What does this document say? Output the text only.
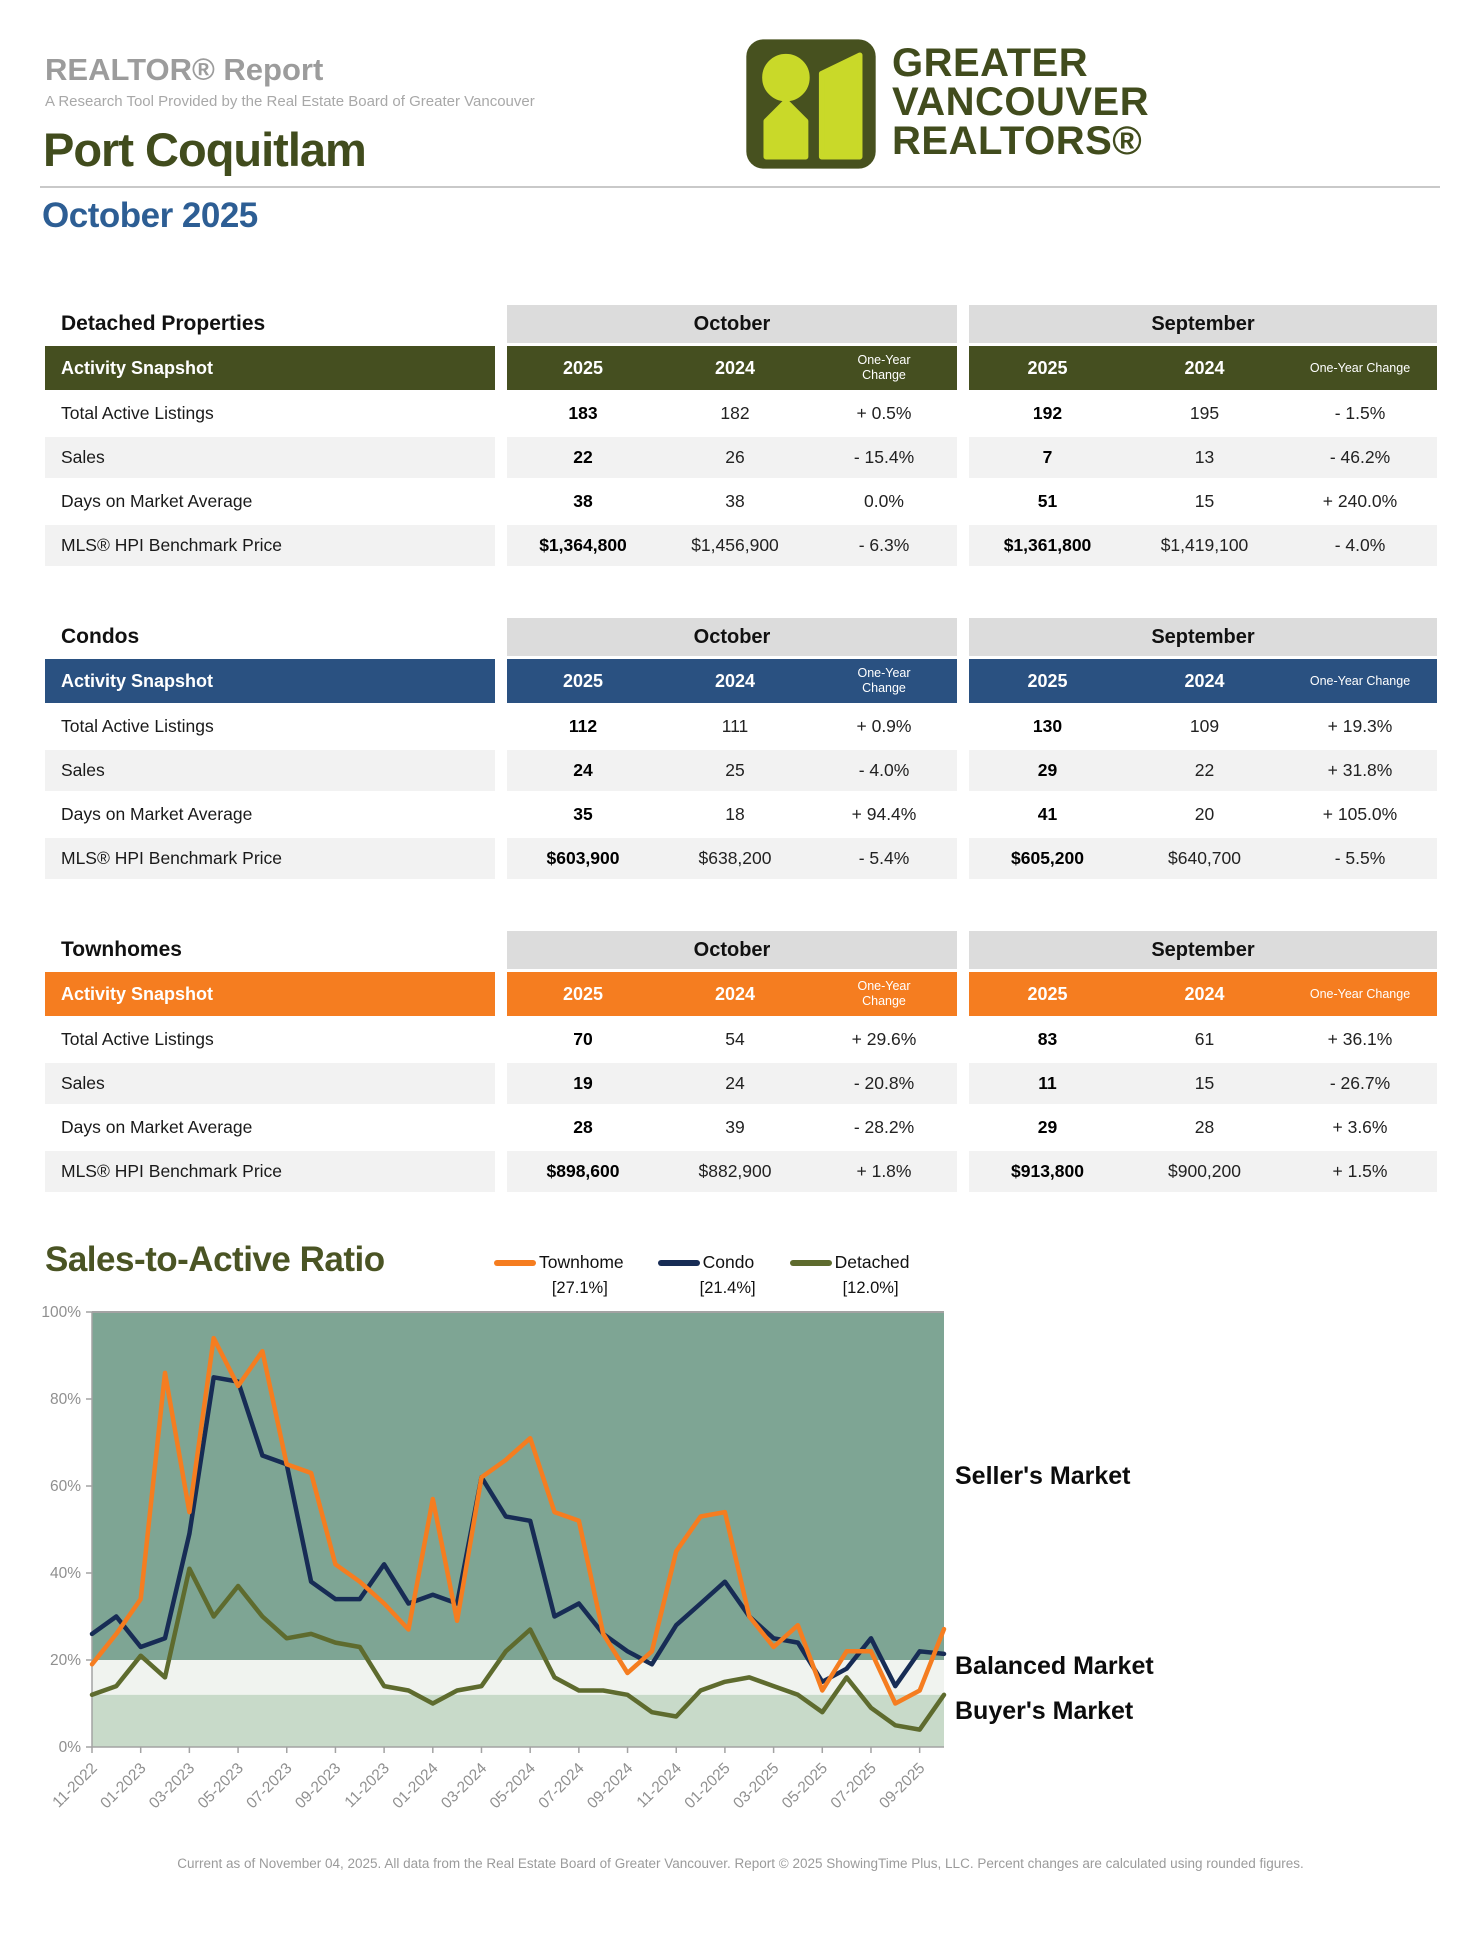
REALTOR® Report

A Research Tool Provided by the Real Estate Board of Greater Vancouver

Port Coquitlam
GREATER
VANCOUVER
REALTORS®
October 2025
Detached Properties	October	September
Activity Snapshot	2025	2024	One-Year Change	2025	2024	One-Year Change
Total Active Listings	183	182	+ 0.5%	192	195	- 1.5%
Sales	22	26	- 15.4%	7	13	- 46.2%
Days on Market Average	38	38	0.0%	51	15	+ 240.0%
MLS® HPI Benchmark Price	$1,364,800	$1,456,900	- 6.3%	$1,361,800	$1,419,100	- 4.0%
Condos	October	September
Activity Snapshot	2025	2024	One-Year Change	2025	2024	One-Year Change
Total Active Listings	112	111	+ 0.9%	130	109	+ 19.3%
Sales	24	25	- 4.0%	29	22	+ 31.8%
Days on Market Average	35	18	+ 94.4%	41	20	+ 105.0%
MLS® HPI Benchmark Price	$603,900	$638,200	- 5.4%	$605,200	$640,700	- 5.5%
Townhomes	October	September
Activity Snapshot	2025	2024	One-Year Change	2025	2024	One-Year Change
Total Active Listings	70	54	+ 29.6%	83	61	+ 36.1%
Sales	19	24	- 20.8%	11	15	- 26.7%
Days on Market Average	28	39	- 28.2%	29	28	+ 3.6%
MLS® HPI Benchmark Price	$898,600	$882,900	+ 1.8%	$913,800	$900,200	+ 1.5%
Sales-to-Active Ratio	Townhome
[27.1%]
Condo
[21.4%]
Detached
[12.0%]
0%
20%
40%
60%
80%
100%
11-2022
01-2023
03-2023
05-2023
07-2023
09-2023
11-2023
01-2024
03-2024
05-2024
07-2024
09-2024
11-2024
01-2025
03-2025
05-2025
07-2025
09-2025
Seller's Market
Balanced Market
Buyer's Market
Current as of November 04, 2025. All data from the Real Estate Board of Greater Vancouver. Report © 2025 ShowingTime Plus, LLC. Percent changes are calculated using rounded figures.
